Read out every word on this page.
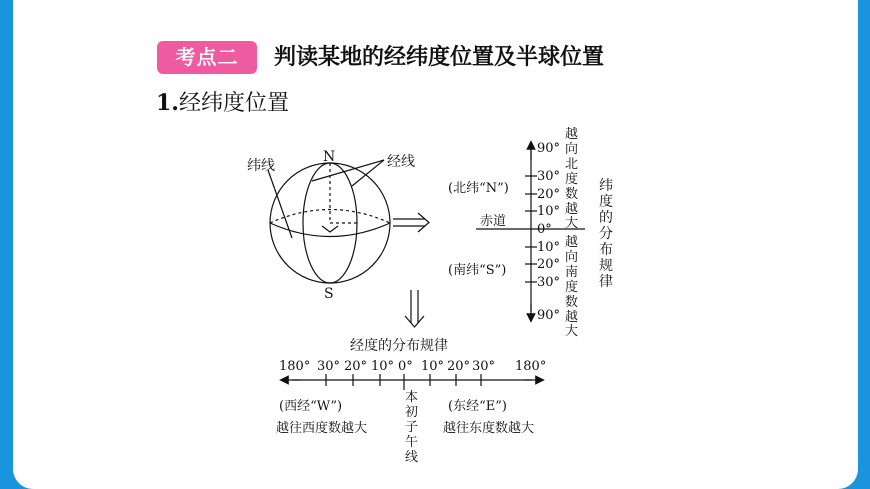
考点二	判读某地的经纬度位置及半球位置
1.经纬度位置
纬线	经线
N
S
90°
30°
20°
10°
0°
10°
20°
30°
90°
(北纬“N”)
赤道
(南纬“S”)
越
向
北
度
数
越
大
越
向
南
度
数
越
大
纬
度
的
分
布
规
律
经度的分布规律
180° 30° 20° 10° 0° 10° 20° 30° 180°
(西经“W”)	(东经“E”)
越往西度数越大	越往东度数越大
本
初
子
午
线
